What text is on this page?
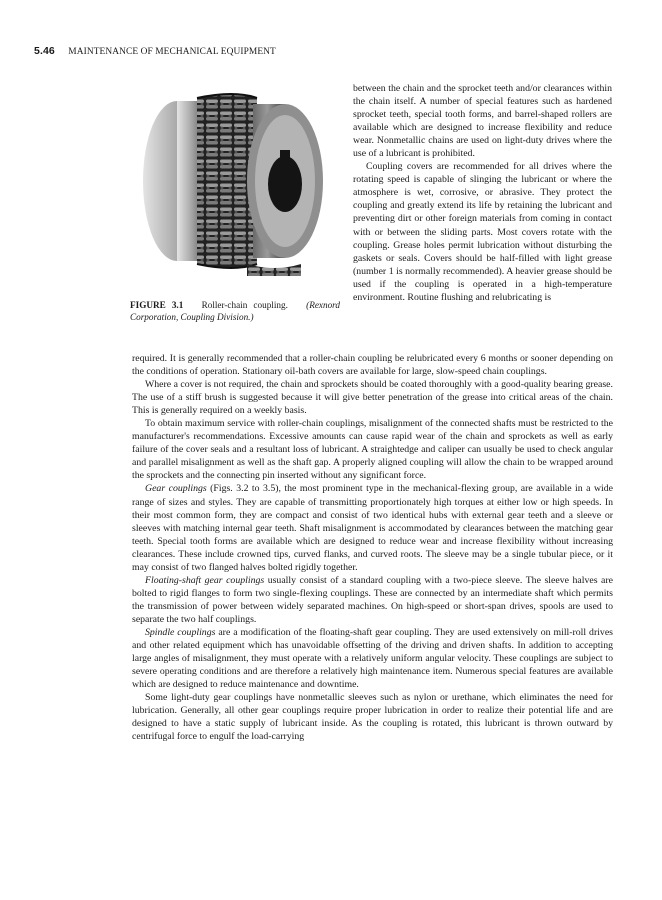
5.46 MAINTENANCE OF MECHANICAL EQUIPMENT
FIGURE 3.1 Roller-chain coupling. (Rexnord Corporation, Coupling Division.)

between the chain and the sprocket teeth and/or clearances within the chain itself. A number of special features such as hardened sprocket teeth, special tooth forms, and barrel-shaped rollers are available which are designed to increase flexibility and reduce wear. Nonmetallic chains are used on light-duty drives where the use of a lubricant is prohibited.

Coupling covers are recommended for all drives where the rotating speed is capable of slinging the lubricant or where the atmosphere is wet, corrosive, or abrasive. They protect the coupling and greatly extend its life by retaining the lubricant and preventing dirt or other foreign materials from coming in contact with or between the sliding parts. Most covers rotate with the coupling. Grease holes permit lubrication without disturbing the gaskets or seals. Covers should be half-filled with light grease (number 1 is normally recommended). A heavier grease should be used if the coupling is operated in a high-temperature environment. Routine flushing and relubricating is

required. It is generally recommended that a roller-chain coupling be relubricated every 6 months or sooner depending on the conditions of operation. Stationary oil-bath covers are available for large, slow-speed chain couplings.

Where a cover is not required, the chain and sprockets should be coated thoroughly with a good-quality bearing grease. The use of a stiff brush is suggested because it will give better penetration of the grease into critical areas of the chain. This is generally required on a weekly basis.

To obtain maximum service with roller-chain couplings, misalignment of the connected shafts must be restricted to the manufacturer's recommendations. Excessive amounts can cause rapid wear of the chain and sprockets as well as early failure of the cover seals and a resultant loss of lubricant. A straightedge and caliper can usually be used to check angular and parallel misalignment as well as the shaft gap. A properly aligned coupling will allow the chain to be wrapped around the sprockets and the connecting pin inserted without any significant force.

Gear couplings (Figs. 3.2 to 3.5), the most prominent type in the mechanical-flexing group, are available in a wide range of sizes and styles. They are capable of transmitting proportionately high torques at either low or high speeds. In their most common form, they are compact and consist of two identical hubs with external gear teeth and a sleeve or sleeves with matching internal gear teeth. Shaft misalignment is accommodated by clearances between the matching gear teeth. Special tooth forms are available which are designed to reduce wear and increase flexibility without increasing clearances. These include crowned tips, curved flanks, and curved roots. The sleeve may be a single tubular piece, or it may consist of two flanged halves bolted rigidly together.

Floating-shaft gear couplings usually consist of a standard coupling with a two-piece sleeve. The sleeve halves are bolted to rigid flanges to form two single-flexing couplings. These are connected by an intermediate shaft which permits the transmission of power between widely separated machines. On high-speed or short-span drives, spools are used to separate the two half couplings.

Spindle couplings are a modification of the floating-shaft gear coupling. They are used extensively on mill-roll drives and other related equipment which has unavoidable offsetting of the driving and driven shafts. In addition to accepting large angles of misalignment, they must operate with a relatively uniform angular velocity. These couplings are subject to severe operating conditions and are therefore a relatively high maintenance item. Numerous special features are available which are designed to reduce maintenance and downtime.

Some light-duty gear couplings have nonmetallic sleeves such as nylon or urethane, which eliminates the need for lubrication. Generally, all other gear couplings require proper lubrication in order to realize their potential life and are designed to have a static supply of lubricant inside. As the coupling is rotated, this lubricant is thrown outward by centrifugal force to engulf the load-carrying
